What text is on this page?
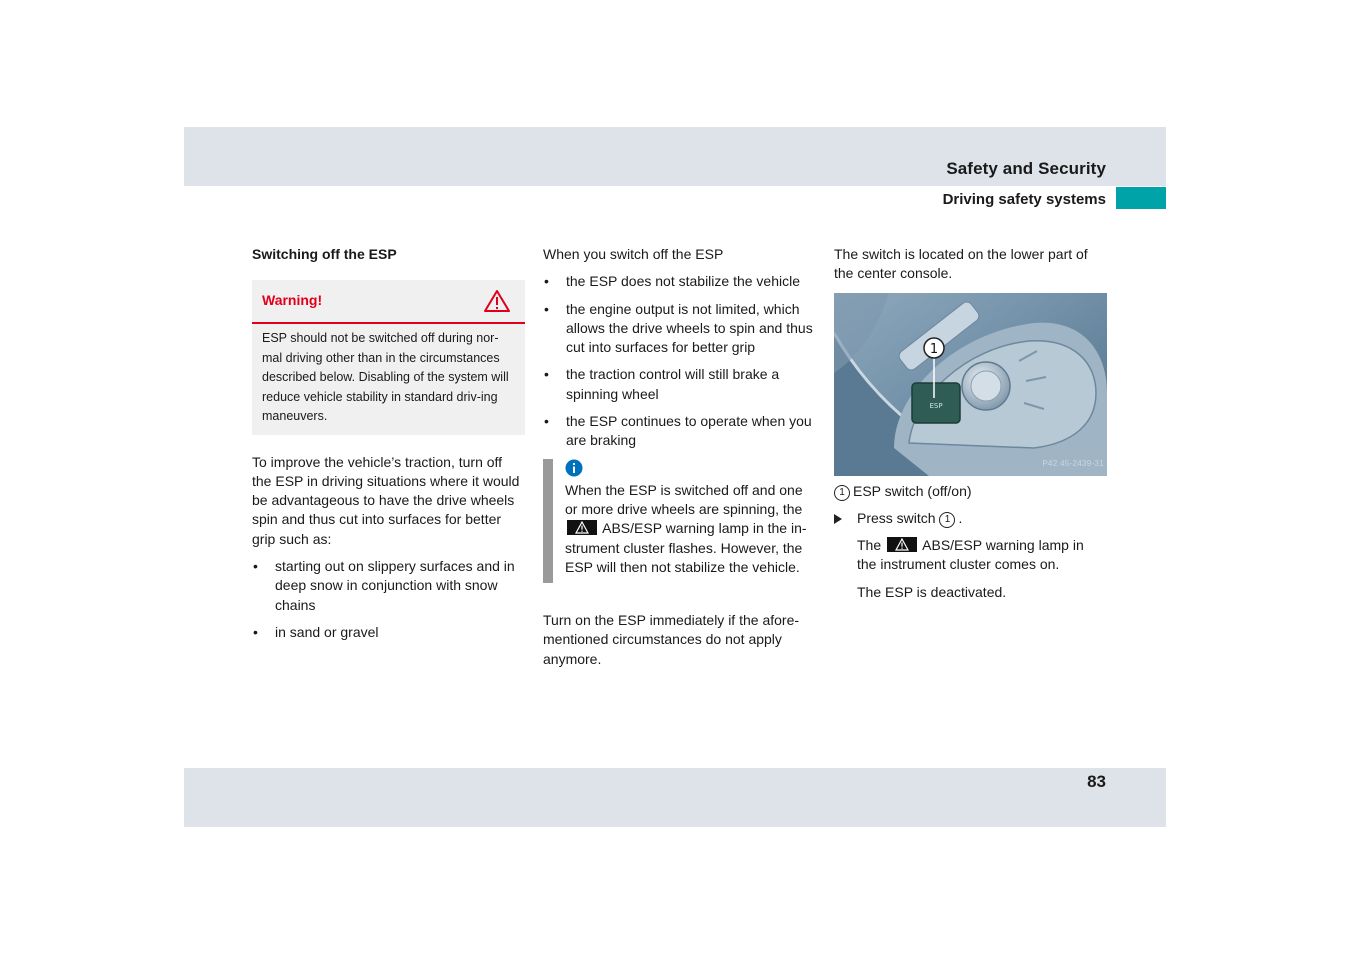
Safety and Security
Driving safety systems
Switching off the ESP
Warning!
ESP should not be switched off during nor-mal driving other than in the circumstances described below. Disabling of the system will reduce vehicle stability in standard driv-ing maneuvers.

To improve the vehicle’s traction, turn off the ESP in driving situations where it would be advantageous to have the drive wheels spin and thus cut into surfaces for better grip such as:

• starting out on slippery surfaces and in deep snow in conjunction with snow chains
• in sand or gravel

When you switch off the ESP

• the ESP does not stabilize the vehicle
• the engine output is not limited, which allows the drive wheels to spin and thus cut into surfaces for better grip
• the traction control will still brake a spinning wheel
• the ESP continues to operate when you are braking
When the ESP is switched off and one or more drive wheels are spinning, the
ABS/ESP warning lamp in the in-strument cluster flashes. However, the ESP will then not stabilize the vehicle.

Turn on the ESP immediately if the afore-mentioned circumstances do not apply anymore.

The switch is located on the lower part of the center console.

ESP
1
P42.45-2439-31

1 ESP switch (off/on)

Press switch 1 .

The	ABS/ESP warning lamp in the instrument cluster comes on.

The ESP is deactivated.

83
